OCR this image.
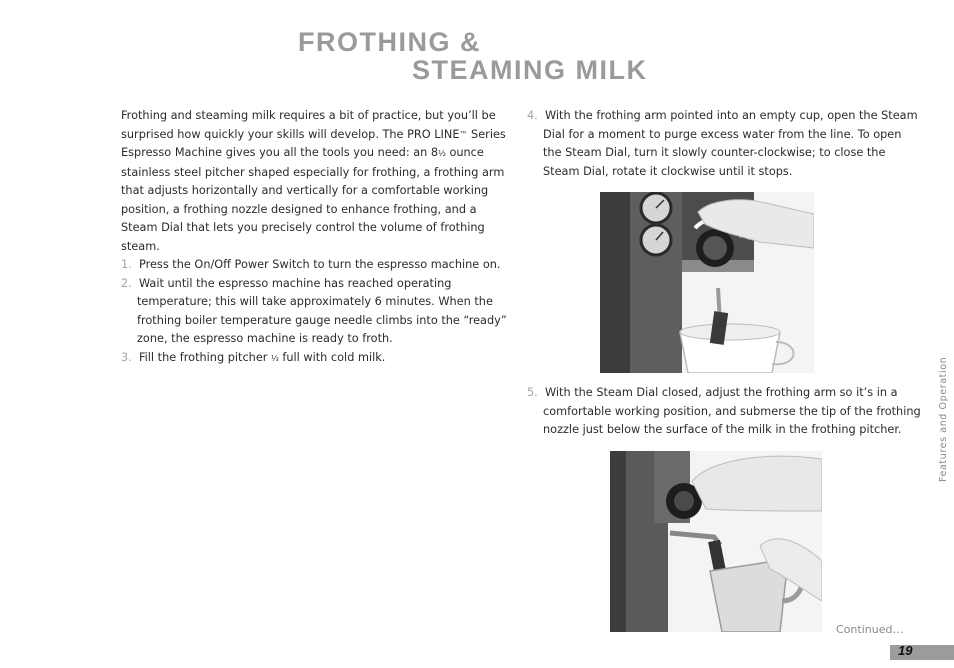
FROTHING &
STEAMING MILK

Frothing and steaming milk requires a bit of practice, but you’ll be surprised how quickly your skills will develop. The PRO LINE™ Series Espresso Machine gives you all the tools you need: an 8½ ounce stainless steel pitcher shaped especially for frothing, a frothing arm that adjusts horizontally and vertically for a comfortable working position, a frothing nozzle designed to enhance frothing, and a Steam Dial that lets you precisely control the volume of frothing steam.

1. Press the On/Off Power Switch to turn the espresso machine on.

2. Wait until the espresso machine has reached operating temperature; this will take approximately 6 minutes. When the frothing boiler temperature gauge needle climbs into the “ready” zone, the espresso machine is ready to froth.

3. Fill the frothing pitcher ⅓ full with cold milk.

4. With the frothing arm pointed into an empty cup, open the Steam Dial for a moment to purge excess water from the line. To open the Steam Dial, turn it slowly counter-clockwise; to close the Steam Dial, rotate it clockwise until it stops.

5. With the Steam Dial closed, adjust the frothing arm so it’s in a comfortable working position, and submerse the tip of the frothing nozzle just below the surface of the milk in the frothing pitcher.	Features and Operation
Continued…
19
